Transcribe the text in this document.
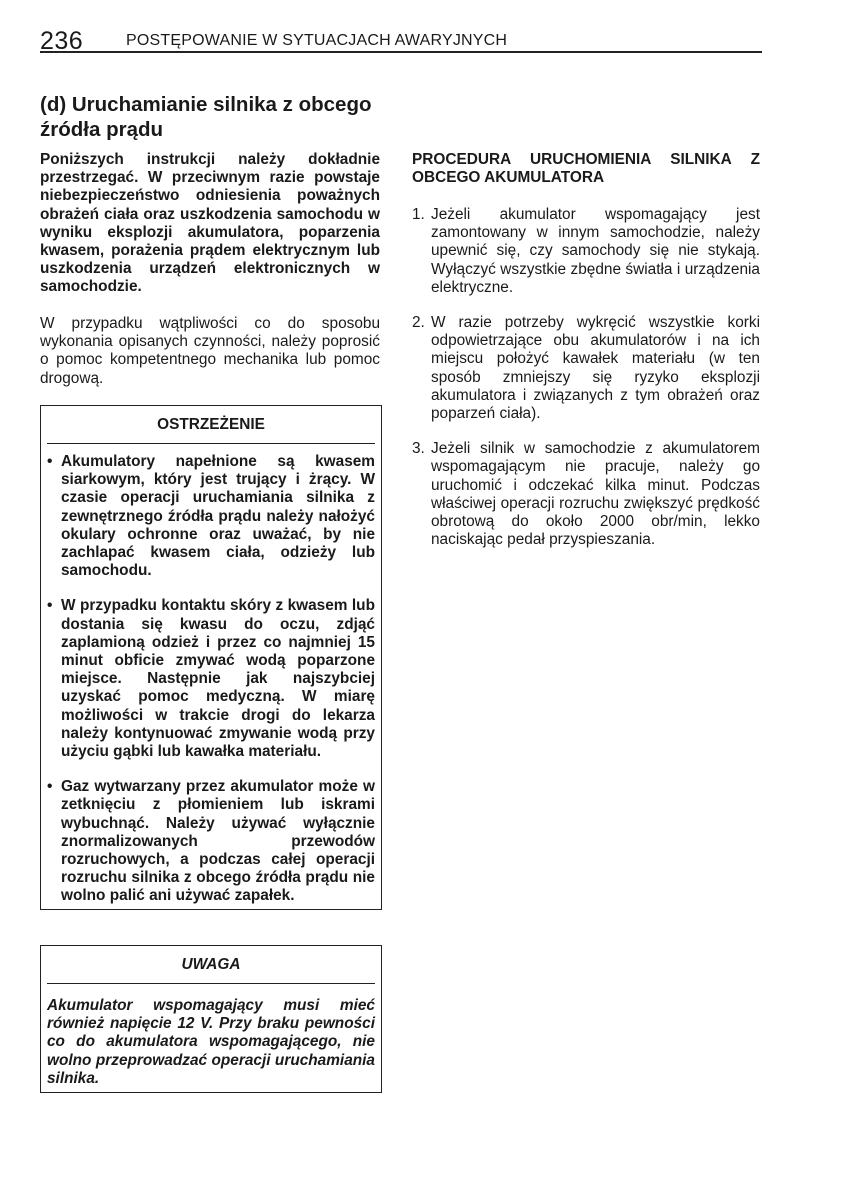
236	POSTĘPOWANIE W SYTUACJACH AWARYJNYCH
(d) Uruchamianie silnika z obcego źródła prądu

Poniższych instrukcji należy dokładnie przestrzegać. W przeciwnym razie powstaje niebezpieczeństwo odniesienia poważnych obrażeń ciała oraz uszkodzenia samochodu w wyniku eksplozji akumulatora, poparzenia kwasem, porażenia prądem elektrycznym lub uszkodzenia urządzeń elektronicznych w samochodzie.

W przypadku wątpliwości co do sposobu wykonania opisanych czynności, należy poprosić o pomoc kompetentnego mechanika lub pomoc drogową.

OSTRZEŻENIE
• Akumulatory napełnione są kwasem siarkowym, który jest trujący i żrący. W czasie operacji uruchamiania silnika z zewnętrznego źródła prądu należy nałożyć okulary ochronne oraz uważać, by nie zachlapać kwasem ciała, odzieży lub samochodu.
• W przypadku kontaktu skóry z kwasem lub dostania się kwasu do oczu, zdjąć zaplamioną odzież i przez co najmniej 15 minut obficie zmywać wodą poparzone miejsce. Następnie jak najszybciej uzyskać pomoc medyczną. W miarę możliwości w trakcie drogi do lekarza należy kontynuować zmywanie wodą przy użyciu gąbki lub kawałka materiału.
• Gaz wytwarzany przez akumulator może w zetknięciu z płomieniem lub iskrami wybuchnąć. Należy używać wyłącznie znormalizowanych przewodów rozruchowych, a podczas całej operacji rozruchu silnika z obcego źródła prądu nie wolno palić ani używać zapałek.
UWAGA
Akumulator wspomagający musi mieć również napięcie 12 V. Przy braku pewności co do akumulatora wspomagającego, nie wolno przeprowadzać operacji uruchamiania silnika.
PROCEDURA URUCHOMIENIA SILNIKA Z OBCEGO AKUMULATORA
1. Jeżeli akumulator wspomagający jest zamontowany w innym samochodzie, należy upewnić się, czy samochody się nie stykają. Wyłączyć wszystkie zbędne światła i urządzenia elektryczne.
2. W razie potrzeby wykręcić wszystkie korki odpowietrzające obu akumulatorów i na ich miejscu położyć kawałek materiału (w ten sposób zmniejszy się ryzyko eksplozji akumulatora i związanych z tym obrażeń oraz poparzeń ciała).
3. Jeżeli silnik w samochodzie z akumulatorem wspomagającym nie pracuje, należy go uruchomić i odczekać kilka minut. Podczas właściwej operacji rozruchu zwiększyć prędkość obrotową do około 2000 obr/min, lekko naciskając pedał przyspieszania.
